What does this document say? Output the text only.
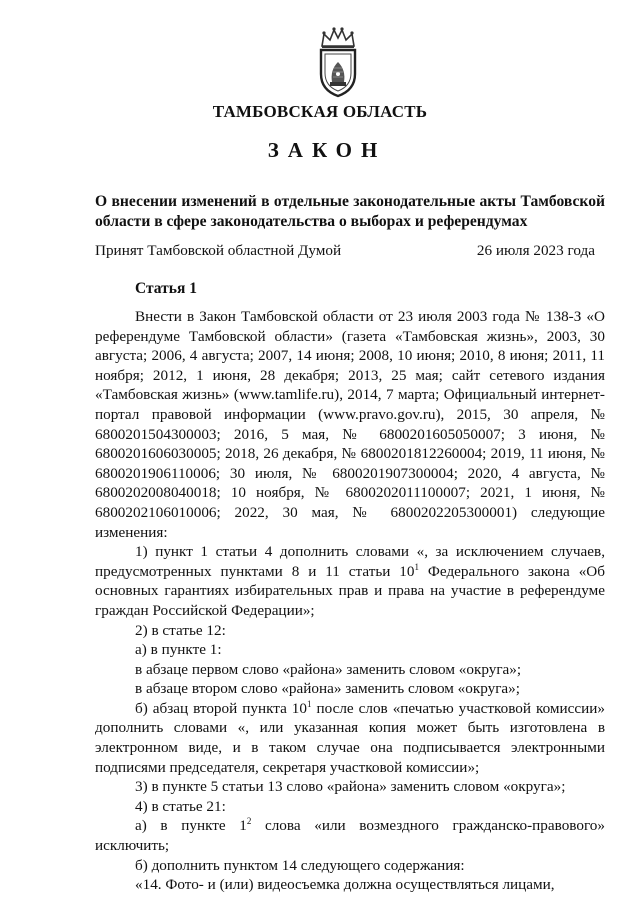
ТАМБОВСКАЯ ОБЛАСТЬ
ЗАКОН
О внесении изменений в отдельные законодательные акты Тамбовской области в сфере законодательства о выборах и референдумах
Принят Тамбовской областной Думой	26 июля 2023 года
Статья 1

Внести в Закон Тамбовской области от 23 июля 2003 года № 138-З «О референдуме Тамбовской области» (газета «Тамбовская жизнь», 2003, 30 августа; 2006, 4 августа; 2007, 14 июня; 2008, 10 июня; 2010, 8 июня; 2011, 11 ноября; 2012, 1 июня, 28 декабря; 2013, 25 мая; сайт сетевого издания «Тамбовская жизнь» (www.tamlife.ru), 2014, 7 марта; Официальный интернет-портал правовой информации (www.pravo.gov.ru), 2015, 30 апреля, № 6800201504300003; 2016, 5 мая, № 6800201605050007; 3 июня, № 6800201606030005; 2018, 26 декабря, № 6800201812260004; 2019, 11 июня, № 6800201906110006; 30 июля, № 6800201907300004; 2020, 4 августа, № 6800202008040018; 10 ноября, № 6800202011100007; 2021, 1 июня, № 6800202106010006; 2022, 30 мая, № 6800202205300001) следующие изменения:

1) пункт 1 статьи 4 дополнить словами «, за исключением случаев, предусмотренных пунктами 8 и 11 статьи $10^1$ Федерального закона «Об основных гарантиях избирательных прав и права на участие в референдуме граждан Российской Федерации»;

2) в статье 12:

а) в пункте 1:

в абзаце первом слово «района» заменить словом «округа»;

в абзаце втором слово «района» заменить словом «округа»;

б) абзац второй пункта $10^1$ после слов «печатью участковой комиссии» дополнить словами «, или указанная копия может быть изготовлена в электронном виде, и в таком случае она подписывается электронными подписями председателя, секретаря участковой комиссии»;

3) в пункте 5 статьи 13 слово «района» заменить словом «округа»;

4) в статье 21:

а) в пункте $1^2$ слова «или возмездного гражданско-правового» исключить;

б) дополнить пунктом 14 следующего содержания:

«14. Фото- и (или) видеосъемка должна осуществляться лицами,
